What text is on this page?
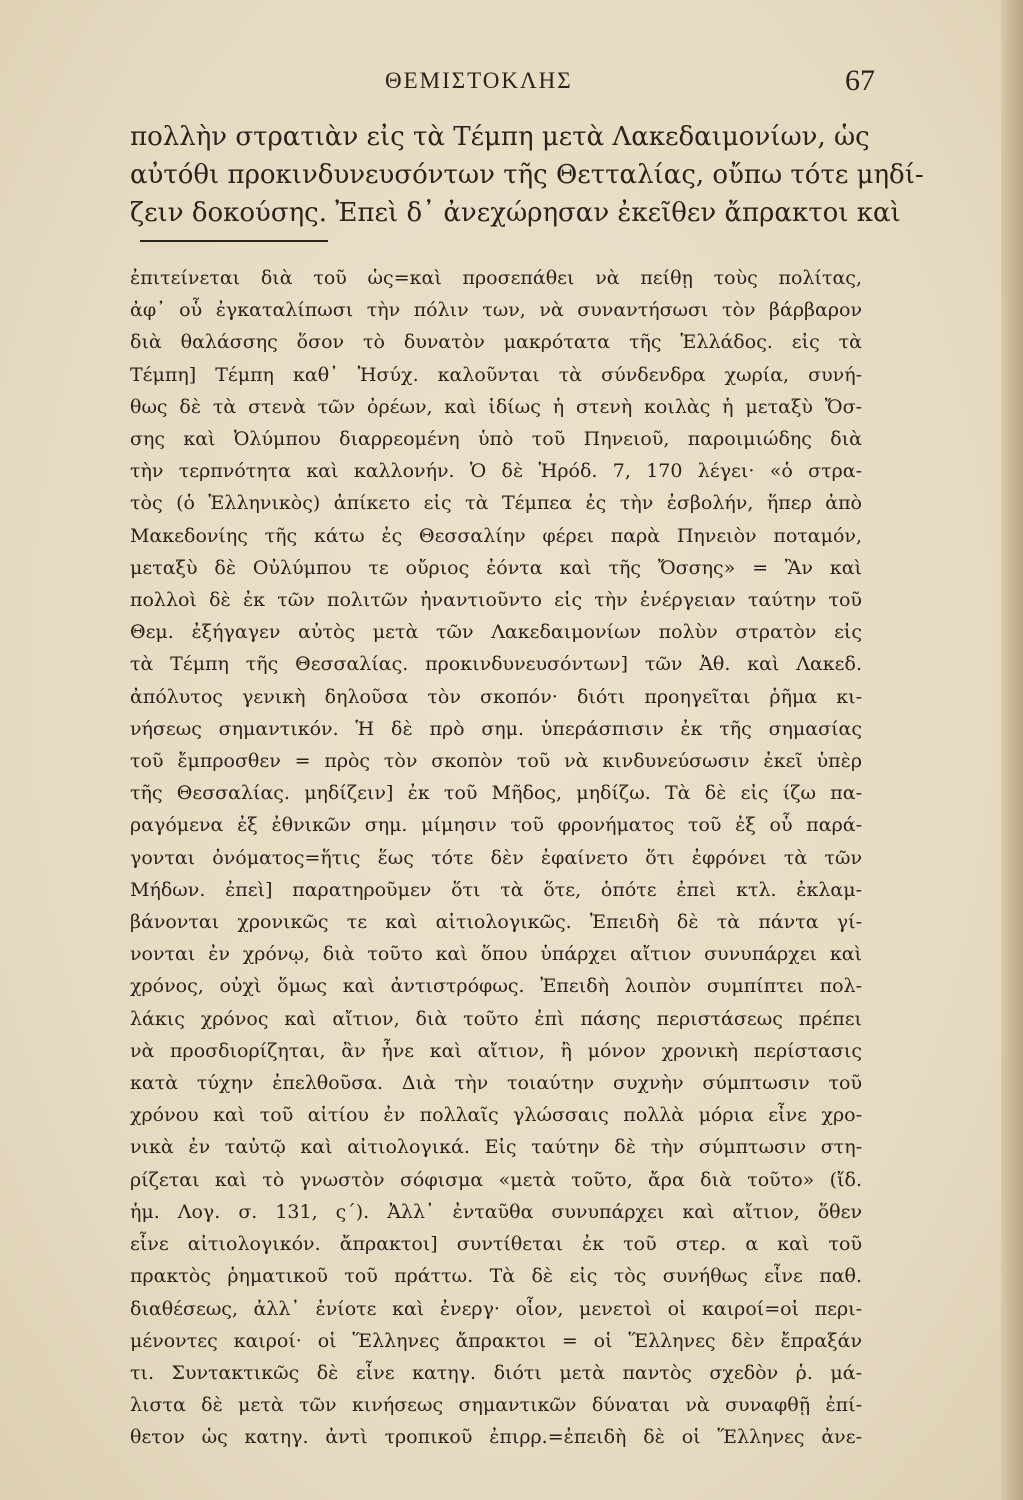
ΘΕΜΙΣΤΟΚΛΗΣ	67
πολλὴν στρατιὰν εἰς τὰ Τέμπη μετὰ Λακεδαιμονίων, ὡς
αὐτόθι προκινδυνευσόντων τῆς Θετταλίας, οὔπω τότε μηδί-
ζειν δοκούσης. Ἐπεὶ δ᾽ ἀνεχώρησαν ἐκεῖθεν ἄπρακτοι καὶ
ἐπιτείνεται διὰ τοῦ ὡς=καὶ προσεπάθει νὰ πείθῃ τοὺς πολίτας,
ἀφ᾽ οὗ ἐγκαταλίπωσι τὴν πόλιν των, νὰ συναντήσωσι τὸν βάρβαρον
διὰ θαλάσσης ὅσον τὸ δυνατὸν μακρότατα τῆς Ἑλλάδος. εἰς τὰ
Τέμπη] Τέμπη καθ᾽ Ἡσύχ. καλοῦνται τὰ σύνδενδρα χωρία, συνή-
θως δὲ τὰ στενὰ τῶν ὀρέων, καὶ ἰδίως ἡ στενὴ κοιλὰς ἡ μεταξὺ Ὄσ-
σης καὶ Ὀλύμπου διαρρεομένη ὑπὸ τοῦ Πηνειοῦ, παροιμιώδης διὰ
τὴν τερπνότητα καὶ καλλονήν. Ὁ δὲ Ἡρόδ. 7, 170 λέγει· «ὁ στρα-
τὸς (ὁ Ἑλληνικὸς) ἀπίκετο εἰς τὰ Τέμπεα ἐς τὴν ἐσβολήν, ἥπερ ἀπὸ
Μακεδονίης τῆς κάτω ἐς Θεσσαλίην φέρει παρὰ Πηνειὸν ποταμόν,
μεταξὺ δὲ Οὐλύμπου τε οὔριος ἐόντα καὶ τῆς Ὄσσης» = Ἂν καὶ
πολλοὶ δὲ ἐκ τῶν πολιτῶν ἠναντιοῦντο εἰς τὴν ἐνέργειαν ταύτην τοῦ
Θεμ. ἐξήγαγεν αὐτὸς μετὰ τῶν Λακεδαιμονίων πολὺν στρατὸν εἰς
τὰ Τέμπη τῆς Θεσσαλίας. προκινδυνευσόντων] τῶν Ἀθ. καὶ Λακεδ.
ἀπόλυτος γενικὴ δηλοῦσα τὸν σκοπόν· διότι προηγεῖται ῥῆμα κι-
νήσεως σημαντικόν. Ἡ δὲ πρὸ σημ. ὑπεράσπισιν ἐκ τῆς σημασίας
τοῦ ἔμπροσθεν = πρὸς τὸν σκοπὸν τοῦ νὰ κινδυνεύσωσιν ἐκεῖ ὑπὲρ
τῆς Θεσσαλίας. μηδίζειν] ἐκ τοῦ Μῆδος, μηδίζω. Τὰ δὲ εἰς ίζω πα-
ραγόμενα ἐξ ἐθνικῶν σημ. μίμησιν τοῦ φρονήματος τοῦ ἐξ οὗ παρά-
γονται ὀνόματος=ἥτις ἕως τότε δὲν ἐφαίνετο ὅτι ἐφρόνει τὰ τῶν
Μήδων. ἐπεὶ] παρατηροῦμεν ὅτι τὰ ὅτε, ὁπότε ἐπεὶ κτλ. ἐκλαμ-
βάνονται χρονικῶς τε καὶ αἰτιολογικῶς. Ἐπειδὴ δὲ τὰ πάντα γί-
νονται ἐν χρόνῳ, διὰ τοῦτο καὶ ὅπου ὑπάρχει αἴτιον συνυπάρχει καὶ
χρόνος, οὐχὶ ὅμως καὶ ἀντιστρόφως. Ἐπειδὴ λοιπὸν συμπίπτει πολ-
λάκις χρόνος καὶ αἴτιον, διὰ τοῦτο ἐπὶ πάσης περιστάσεως πρέπει
νὰ προσδιορίζηται, ἂν ἦνε καὶ αἴτιον, ἢ μόνον χρονικὴ περίστασις
κατὰ τύχην ἐπελθοῦσα. Διὰ τὴν τοιαύτην συχνὴν σύμπτωσιν τοῦ
χρόνου καὶ τοῦ αἰτίου ἐν πολλαῖς γλώσσαις πολλὰ μόρια εἶνε χρο-
νικὰ ἐν ταὐτῷ καὶ αἰτιολογικά. Εἰς ταύτην δὲ τὴν σύμπτωσιν στη-
ρίζεται καὶ τὸ γνωστὸν σόφισμα «μετὰ τοῦτο, ἄρα διὰ τοῦτο» (ἴδ.
ἡμ. Λογ. σ. 131, ς´). Ἀλλ᾽ ἐνταῦθα συνυπάρχει καὶ αἴτιον, ὅθεν
εἶνε αἰτιολογικόν. ἄπρακτοι] συντίθεται ἐκ τοῦ στερ. α καὶ τοῦ
πρακτὸς ῥηματικοῦ τοῦ πράττω. Τὰ δὲ εἰς τὸς συνήθως εἶνε παθ.
διαθέσεως, ἀλλ᾽ ἐνίοτε καὶ ἐνεργ· οἷον, μενετοὶ οἱ καιροί=οἱ περι-
μένοντες καιροί· οἱ Ἕλληνες ἄπρακτοι = οἱ Ἕλληνες δὲν ἔπραξάν
τι. Συντακτικῶς δὲ εἶνε κατηγ. διότι μετὰ παντὸς σχεδὸν ῥ. μά-
λιστα δὲ μετὰ τῶν κινήσεως σημαντικῶν δύναται νὰ συναφθῇ ἐπί-
θετον ὡς κατηγ. ἀντὶ τροπικοῦ ἐπιρρ.=ἐπειδὴ δὲ οἱ Ἕλληνες ἀνε-
